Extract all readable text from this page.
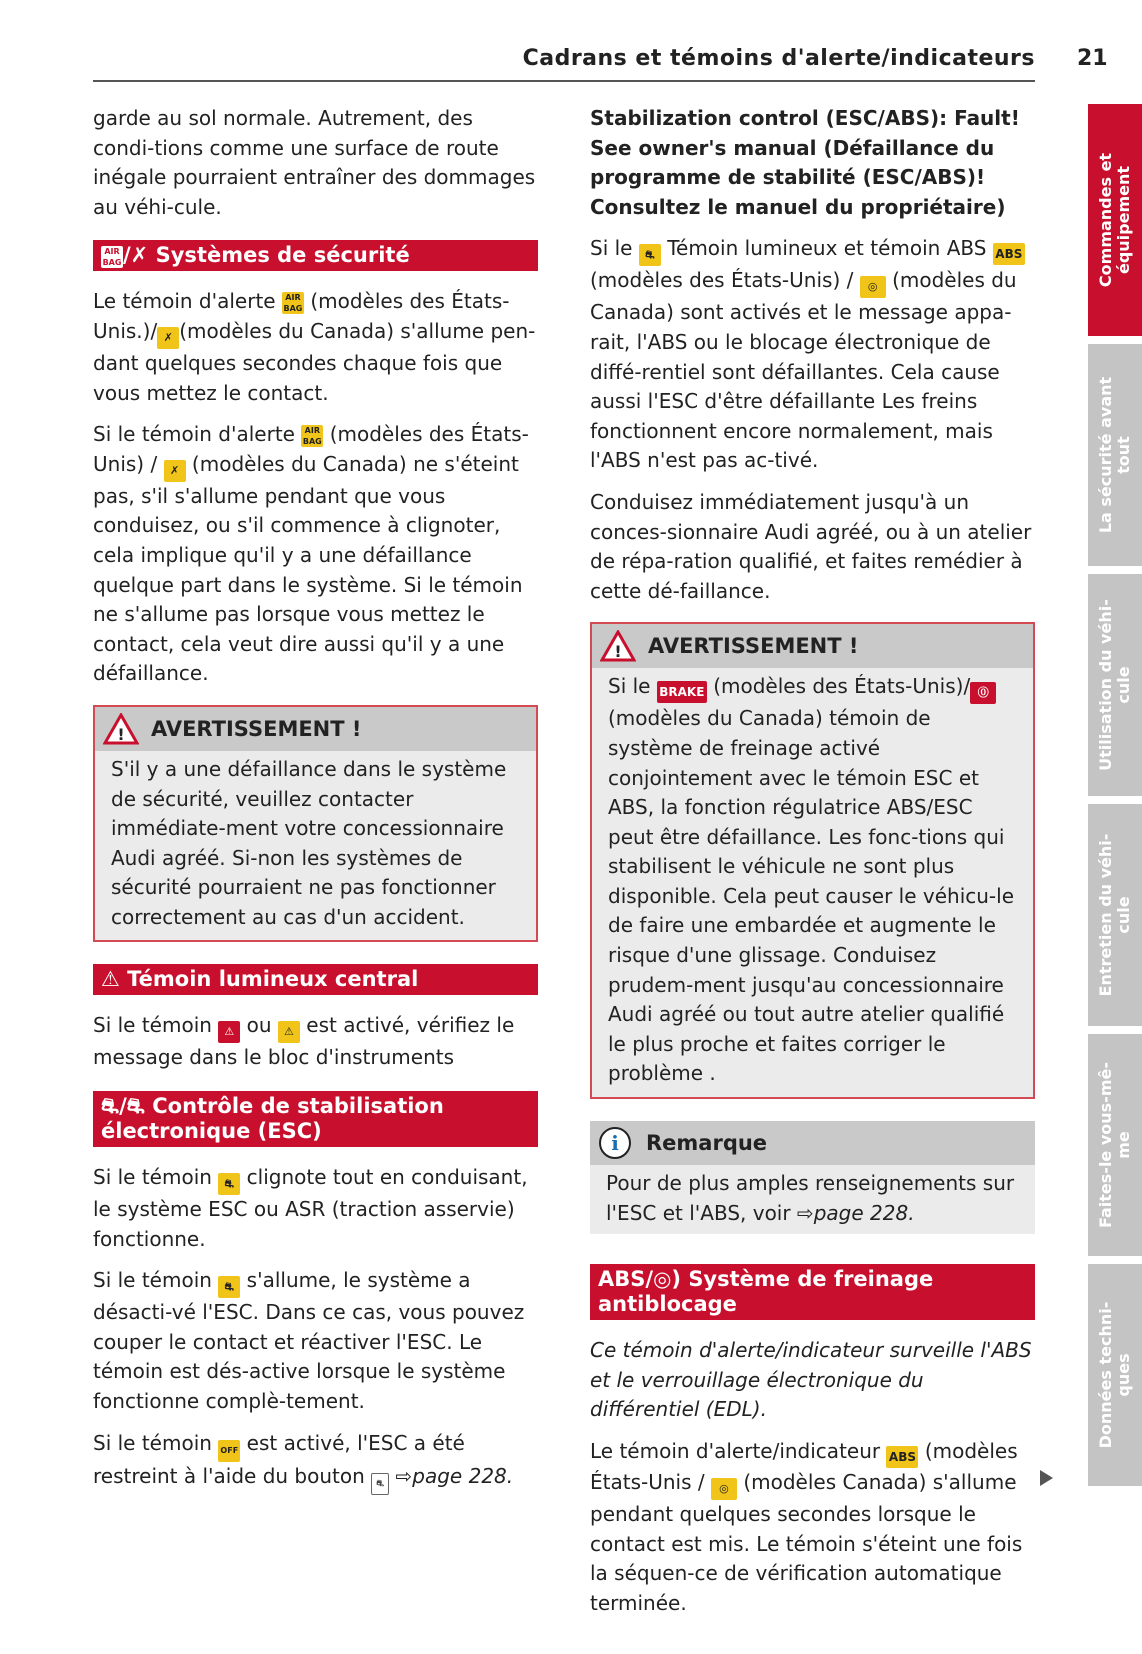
Cadrans et témoins d'alerte/indicateurs 21

garde au sol normale. Autrement, des condi-tions comme une surface de route inégale pourraient entraîner des dommages au véhi-cule.

AIR
BAG/✗ Systèmes de sécurité

Le témoin d'alerte AIR BAG (modèles des États-Unis.)/ ✗ (modèles du Canada) s'allume pen-dant quelques secondes chaque fois que vous mettez le contact.

Si le témoin d'alerte AIR BAG (modèles des États-Unis) / ✗ (modèles du Canada) ne s'éteint pas, s'il s'allume pendant que vous conduisez, ou s'il commence à clignoter, cela implique qu'il y a une défaillance quelque part dans le système. Si le témoin ne s'allume pas lorsque vous mettez le contact, cela veut dire aussi qu'il y a une défaillance.

! AVERTISSEMENT !

S'il y a une défaillance dans le système de sécurité, veuillez contacter immédiate-ment votre concessionnaire Audi agréé. Si-non les systèmes de sécurité pourraient ne pas fonctionner correctement au cas d'un accident.

⚠ Témoin lumineux central

Si le témoin ⚠ ou ⚠ est activé, vérifiez le message dans le bloc d'instruments

⛐/⛐ Contrôle de stabilisation électronique (ESC)

Si le témoin ⛐ clignote tout en conduisant, le système ESC ou ASR (traction asservie) fonctionne.

Si le témoin ⛐ s'allume, le système a désacti-vé l'ESC. Dans ce cas, vous pouvez couper le contact et réactiver l'ESC. Le témoin est dés-active lorsque le système fonctionne complè-tement.

Si le témoin OFF est activé, l'ESC a été restreint à l'aide du bouton ⛐ ⇨page 228.

Stabilization control (ESC/ABS): Fault! See owner's manual (Défaillance du programme de stabilité (ESC/ABS)! Consultez le manuel du propriétaire)

Si le ⛐ Témoin lumineux et témoin ABS ABS (modèles des États-Unis) / ◎ (modèles du Canada) sont activés et le message appa-rait, l'ABS ou le blocage électronique de diffé-rentiel sont défaillantes. Cela cause aussi l'ESC d'être défaillante Les freins fonctionnent encore normalement, mais l'ABS n'est pas ac-tivé.

Conduisez immédiatement jusqu'à un conces-sionnaire Audi agréé, ou à un atelier de répa-ration qualifié, et faites remédier à cette dé-faillance.

! AVERTISSEMENT !

Si le BRAKE (modèles des États-Unis)/ ⓪ (modèles du Canada) témoin de système de freinage activé conjointement avec le témoin ESC et ABS, la fonction régulatrice ABS/ESC peut être défaillance. Les fonc-tions qui stabilisent le véhicule ne sont plus disponible. Cela peut causer le véhicu-le de faire une embardée et augmente le risque d'une glissage. Conduisez prudem-ment jusqu'au concessionnaire Audi agréé ou tout autre atelier qualifié le plus proche et faites corriger le problème .

i Remarque

Pour de plus amples renseignements sur l'ESC et l'ABS, voir ⇨page 228.

ABS/◎) Système de freinage antiblocage

Ce témoin d'alerte/indicateur surveille l'ABS et le verrouillage électronique du différentiel (EDL).

Le témoin d'alerte/indicateur ABS (modèles États-Unis / ◎ (modèles Canada) s'allume pendant quelques secondes lorsque le contact est mis. Le témoin s'éteint une fois la séquen-ce de vérification automatique terminée.

Commandes et
équipement
La sécurité avant
tout
Utilisation du véhi-
cule
Entretien du véhi-
cule
Faites-le vous-mê-
me
Données techni-
ques
